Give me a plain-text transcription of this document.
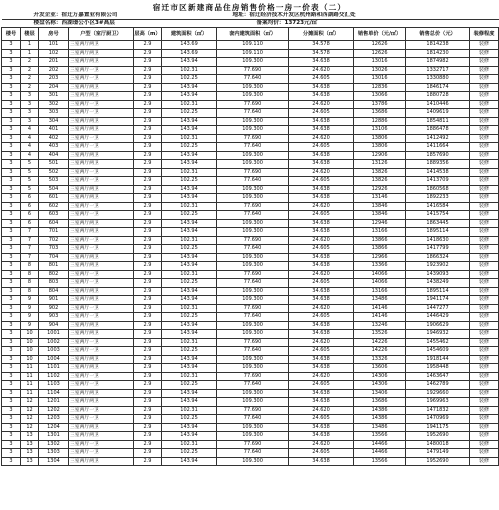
宿迁市区新建商品住房销售价格一房一价表（二）
开发企业：宿迁万嘉置业有限公司						地址：宿迁经济技术开发区杭州路和西湖路交汇处				
楼盘名称：西湖璟公小区3#高层						备案均价：13723元/㎡				
楼号	楼层	房号	户型（室厅厨卫）	层高（m）	建筑面积（㎡）	套内建筑面积（㎡）	分摊面积（㎡）	销售单价（元/㎡）	销售总价（元）	装修程度
3	1	101	三室两厅两卫	2.9	143.69	109.110	34.578	12626	1814238	装修
3	1	102	三室两厅两卫	2.9	143.69	109.110	34.578	12626	1814230	装修
3	2	201	三室两厅两卫	2.9	143.94	109.300	34.638	13016	1874982	装修
3	2	202	三室两厅一卫	2.9	102.31	77.690	24.620	13026	1332717	装修
3	2	203	三室两厅一卫	2.9	102.25	77.640	24.605	13016	1330880	装修
3	2	204	三室两厅两卫	2.9	143.94	109.300	34.638	12836	1846174	装修
3	3	301	三室两厅两卫	2.9	143.94	109.300	34.638	13066	1880728	装修
3	3	302	三室两厅一卫	2.9	102.31	77.690	24.620	13786	1410446	装修
3	3	303	三室两厅一卫	2.9	102.25	77.640	24.605	13686	1409619	装修
3	3	304	三室两厅两卫	2.9	143.94	109.300	34.638	12886	1854811	装修
3	4	401	三室两厅两卫	2.9	143.94	109.300	34.638	13106	1886478	装修
3	4	402	三室两厅一卫	2.9	102.31	77.690	24.620	13806	1412492	装修
3	4	403	三室两厅一卫	2.9	102.25	77.640	24.605	13806	1411664	装修
3	4	404	三室两厅两卫	2.9	143.94	109.300	34.638	12906	1857690	装修
3	5	501	三室两厅两卫	2.9	143.94	109.300	34.638	13126	1889356	装修
3	5	502	三室两厅一卫	2.9	102.31	77.690	24.620	13826	1414538	装修
3	5	503	三室两厅一卫	2.9	102.25	77.640	24.605	13826	1413709	装修
3	5	504	三室两厅两卫	2.9	143.94	109.300	34.638	12926	1860568	装修
3	6	601	三室两厅两卫	2.9	143.94	109.300	34.638	13146	1892233	装修
3	6	602	三室两厅一卫	2.9	102.31	77.690	24.620	13846	1416584	装修
3	6	603	三室两厅一卫	2.9	102.25	77.640	24.605	13846	1415754	装修
3	6	604	三室两厅两卫	2.9	143.94	109.300	34.638	12946	1863445	装修
3	7	701	三室两厅两卫	2.9	143.94	109.300	34.638	13166	1895114	装修
3	7	702	三室两厅一卫	2.9	102.31	77.690	24.620	13866	1418630	装修
3	7	703	三室两厅一卫	2.9	102.25	77.640	24.605	13866	1417799	装修
3	7	704	三室两厅两卫	2.9	143.94	109.300	34.638	12966	1866324	装修
3	8	801	三室两厅两卫	2.9	143.94	109.300	34.638	13366	1923902	装修
3	8	802	三室两厅一卫	2.9	102.31	77.690	24.620	14066	1439093	装修
3	8	803	三室两厅一卫	2.9	102.25	77.640	24.605	14066	1438249	装修
3	8	804	三室两厅两卫	2.9	143.94	109.300	34.638	13166	1895114	装修
3	9	901	三室两厅两卫	2.9	143.94	109.300	34.638	13486	1941174	装修
3	9	902	三室两厅一卫	2.9	102.31	77.690	24.620	14146	1447277	装修
3	9	903	三室两厅一卫	2.9	102.25	77.640	24.605	14146	1446429	装修
3	9	904	三室两厅两卫	2.9	143.94	109.300	34.638	13246	1906629	装修
3	10	1001	三室两厅两卫	2.9	143.94	109.300	34.638	13526	1946932	装修
3	10	1002	三室两厅一卫	2.9	102.31	77.690	24.620	14226	1455462	装修
3	10	1003	三室两厅一卫	2.9	102.25	77.640	24.605	14226	1454609	装修
3	10	1004	三室两厅两卫	2.9	143.94	109.300	34.638	13326	1918144	装修
3	11	1101	三室两厅两卫	2.9	143.94	109.300	34.638	13606	1958448	装修
3	11	1102	三室两厅一卫	2.9	102.31	77.690	24.620	14306	1463647	装修
3	11	1103	三室两厅一卫	2.9	102.25	77.640	24.605	14306	1462789	装修
3	11	1104	三室两厅两卫	2.9	143.94	109.300	34.638	13406	1929660	装修
3	12	1201	三室两厅两卫	2.9	143.94	109.300	34.638	13686	1969963	装修
3	12	1202	三室两厅一卫	2.9	102.31	77.690	24.620	14386	1471832	装修
3	12	1203	三室两厅一卫	2.9	102.25	77.640	24.605	14386	1470969	装修
3	12	1204	三室两厅两卫	2.9	143.94	109.300	34.638	13486	1941175	装修
3	13	1301	三室两厅两卫	2.9	143.94	109.300	34.638	13566	1952690	装修
3	13	1302	三室两厅一卫	2.9	102.31	77.690	24.620	14466	1480018	装修
3	13	1303	三室两厅一卫	2.9	102.25	77.640	24.605	14466	1479149	装修
3	13	1304	三室两厅两卫	2.9	143.94	109.300	34.638	13566	1952690	装修
